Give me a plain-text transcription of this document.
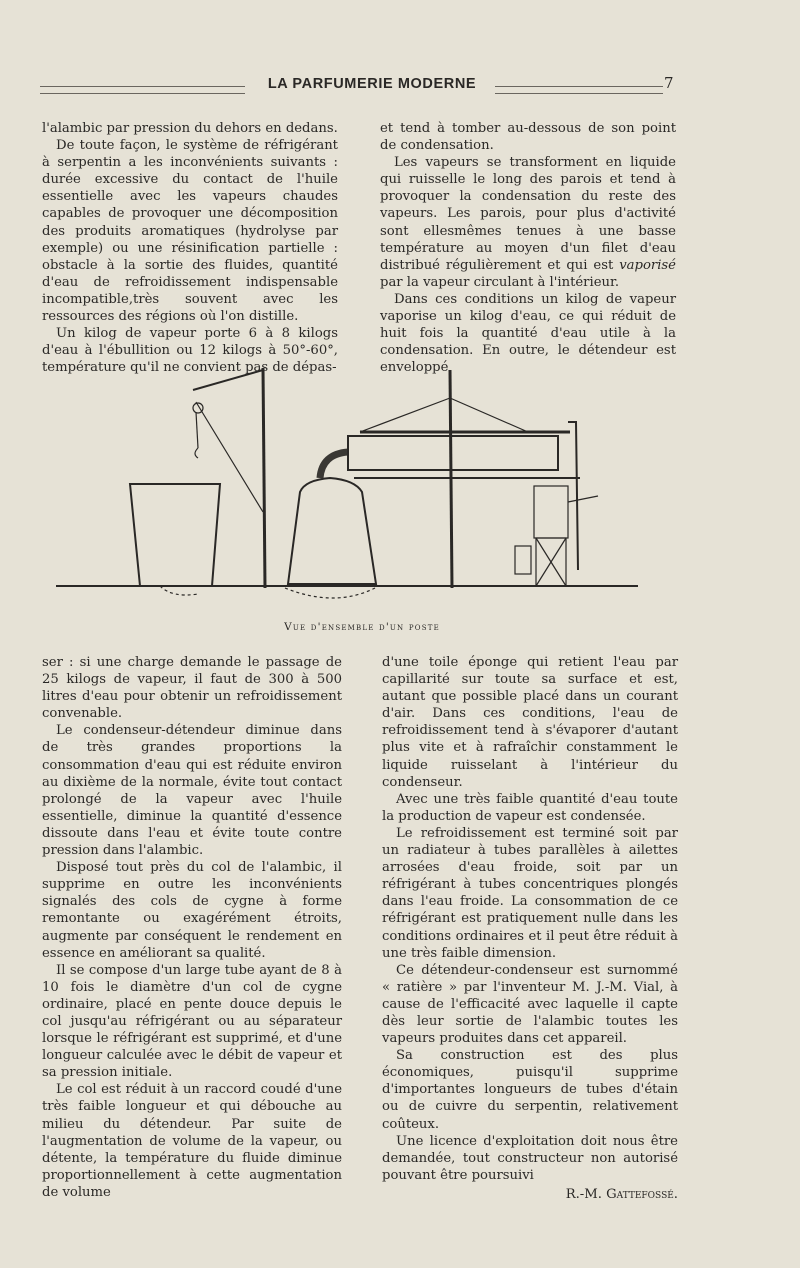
LA PARFUMERIE MODERNE	7

l'alambic par pression du dehors en dedans.

De toute façon, le système de réfrigérant à serpentin a les inconvénients suivants : durée excessive du contact de l'huile essentielle avec les vapeurs chaudes capables de provoquer une décomposition des produits aromatiques (hydrolyse par exemple) ou une résinification partielle : obstacle à la sortie des fluides, quantité d'eau de refroidissement indispensable incompatible,très souvent avec les ressources des régions où l'on distille.

Un kilog de vapeur porte 6 à 8 kilogs d'eau à l'ébullition ou 12 kilogs à 50°-60°, température qu'il ne convient pas de dépas-

et tend à tomber au-dessous de son point de condensation.

Les vapeurs se transforment en liquide qui ruisselle le long des parois et tend à provoquer la condensation du reste des vapeurs. Les parois, pour plus d'activité sont ellesmêmes tenues à une basse température au moyen d'un filet d'eau distribué régulièrement et qui est vaporisé par la vapeur circulant à l'intérieur.

Dans ces conditions un kilog de vapeur vaporise un kilog d'eau, ce qui réduit de huit fois la quantité d'eau utile à la condensation. En outre, le détendeur est enveloppé

Vue d'ensemble d'un poste

ser : si une charge demande le passage de 25 kilogs de vapeur, il faut de 300 à 500 litres d'eau pour obtenir un refroidissement convenable.

Le condenseur-détendeur diminue dans de très grandes proportions la consommation d'eau qui est réduite environ au dixième de la normale, évite tout contact prolongé de la vapeur avec l'huile essentielle, diminue la quantité d'essence dissoute dans l'eau et évite toute contre pression dans l'alambic.

Disposé tout près du col de l'alambic, il supprime en outre les inconvénients signalés des cols de cygne à forme remontante ou exagérément étroits, augmente par conséquent le rendement en essence en améliorant sa qualité.

Il se compose d'un large tube ayant de 8 à 10 fois le diamètre d'un col de cygne ordinaire, placé en pente douce depuis le col jusqu'au réfrigérant ou au séparateur lorsque le réfrigérant est supprimé, et d'une longueur calculée avec le débit de vapeur et sa pression initiale.

Le col est réduit à un raccord coudé d'une très faible longueur et qui débouche au milieu du détendeur. Par suite de l'augmentation de volume de la vapeur, ou détente, la température du fluide diminue proportionnellement à cette augmentation de volume

d'une toile éponge qui retient l'eau par capillarité sur toute sa surface et est, autant que possible placé dans un courant d'air. Dans ces conditions, l'eau de refroidissement tend à s'évaporer d'autant plus vite et à rafraîchir constamment le liquide ruisselant à l'intérieur du condenseur.

Avec une très faible quantité d'eau toute la production de vapeur est condensée.

Le refroidissement est terminé soit par un radiateur à tubes parallèles à ailettes arrosées d'eau froide, soit par un réfrigérant à tubes concentriques plongés dans l'eau froide. La consommation de ce réfrigérant est pratiquement nulle dans les conditions ordinaires et il peut être réduit à une très faible dimension.

Ce détendeur-condenseur est surnommé « ratière » par l'inventeur M. J.-M. Vial, à cause de l'efficacité avec laquelle il capte dès leur sortie de l'alambic toutes les vapeurs produites dans cet appareil.

Sa construction est des plus économiques, puisqu'il supprime d'importantes longueurs de tubes d'étain ou de cuivre du serpentin, relativement coûteux.

Une licence d'exploitation doit nous être demandée, tout constructeur non autorisé pouvant être poursuivi

R.-M. Gattefossé.
